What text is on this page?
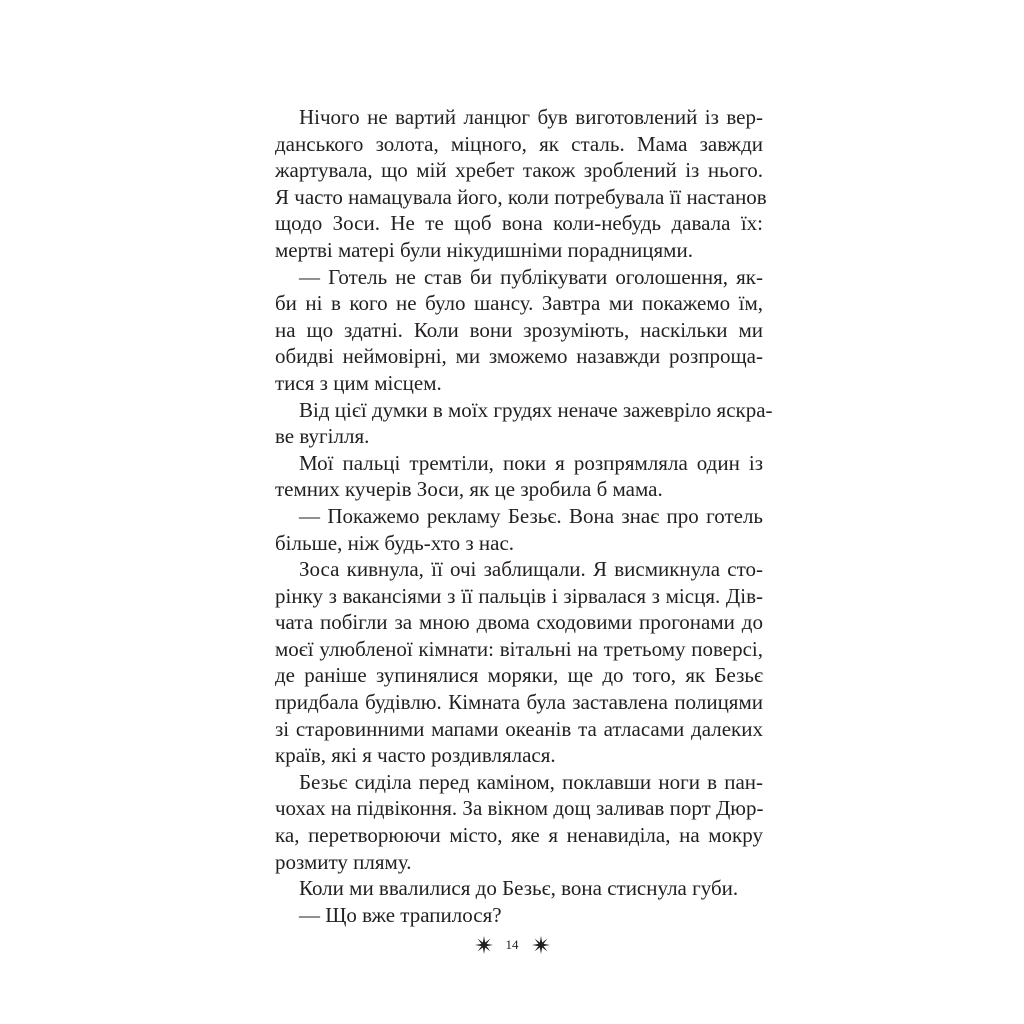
Нічого не вартий ланцюг був виготовлений із вер-
данського золота, міцного, як сталь. Мама завжди
жартувала, що мій хребет також зроблений із нього.
Я часто намацувала його, коли потребувала її настанов
щодо Зоси. Не те щоб вона коли-небудь давала їх:
мертві матері були нікудишніми порадницями.
— Готель не став би публікувати оголошення, як-
би ні в кого не було шансу. Завтра ми покажемо їм,
на що здатні. Коли вони зрозуміють, наскільки ми
обидві неймовірні, ми зможемо назавжди розпроща-
тися з цим місцем.
Від цієї думки в моїх грудях неначе зажевріло яскра-
ве вугілля.
Мої пальці тремтіли, поки я розпрямляла один із
темних кучерів Зоси, як це зробила б мама.
— Покажемо рекламу Безьє. Вона знає про готель
більше, ніж будь-хто з нас.
Зоса кивнула, її очі заблищали. Я висмикнула сто-
рінку з вакансіями з її пальців і зірвалася з місця. Дів-
чата побігли за мною двома сходовими прогонами до
моєї улюбленої кімнати: вітальні на третьому поверсі,
де раніше зупинялися моряки, ще до того, як Безьє
придбала будівлю. Кімната була заставлена полицями
зі старовинними мапами океанів та атласами далеких
країв, які я часто роздивлялася.
Безьє сиділа перед каміном, поклавши ноги в пан-
чохах на підвіконня. За вікном дощ заливав порт Дюр-
ка, перетворюючи місто, яке я ненавиділа, на мокру
розмиту пляму.
Коли ми ввалилися до Безьє, вона стиснула губи.
— Що вже трапилося?
14
